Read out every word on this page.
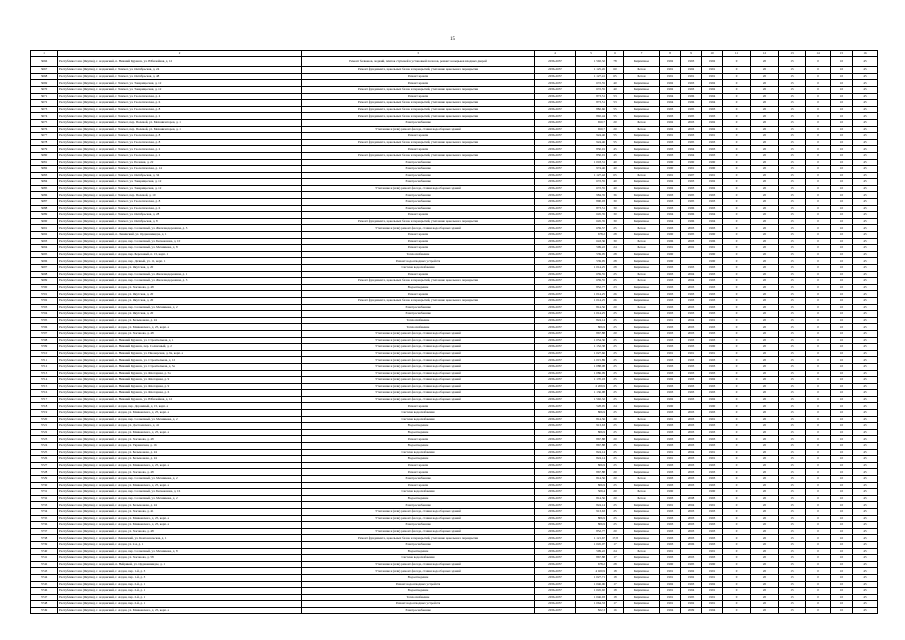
15
1	2	3	4	5	6	7	8	9	10	11	12	13	14	15	16
3666	Республика Саха (Якутия), г. Алданский, п. Нижний Куранах, ул. Юбилейная, д. 12	Ремонт балконов, лоджий, плиток ступеней в установкой паласов, ремонт козырьков входных дверей	2036-2037	1 592,32	78	Кирпичное	1992	1993	1992	0	20	15	0	10	45
3667	Республика Саха (Якутия), г. Алданский, г. Томмот, ул. Октябрьская, д. 24	Ремонт фундамента, цокольных балок и перекрытий, утепление цокольного перекрытия	2036-2037	1 125,45	60	Бетон	1991	1992	1991	0	20	15	0	10	45
3668	Республика Саха (Якутия), г. Алданский, г. Томмот, ул. Октябрьская, д. 48	Ремонт кровли	2036-2037	1 127,41	65	Бетон	1991	1991	1991	0	20	15	0	10	45
3669	Республика Саха (Якутия), г. Алданский, г. Томмот, ул. Товарищеская, д. 12	Ремонт кровли	2036-2037	672,55	40	Кирпичное	1992	1993	1992	0	20	15	0	10	45
3670	Республика Саха (Якутия), г. Алданский, г. Томмот, ул. Товарищеская, д. 12	Ремонт фундамента, цокольных балок и перекрытий, утепление цокольного перекрытия	2036-2037	672,55	40	Кирпичное	1992	1993	1992	0	20	15	0	10	45
3671	Республика Саха (Якутия), г. Алданский, г. Томмот, ул. Геологическая, д. 4	Ремонт кровли	2036-2037	873,51	53	Кирпичное	1994	1996	1994	0	20	15	0	10	45
3672	Республика Саха (Якутия), г. Алданский, г. Томмот, ул. Геологическая, д. 6	Ремонт фундамента, цокольных балок и перекрытий, утепление цокольного перекрытия	2036-2037	873,51	53	Кирпичное	1994	1996	1994	0	20	15	0	10	45
3673	Республика Саха (Якутия), г. Алданский, г. Томмот, ул. Геологическая, д. 8	Ремонт фундамента, цокольных балок и перекрытий, утепление цокольного перекрытия	2036-2037	882,66	55	Кирпичное	1993	1995	1993	0	20	15	0	10	45
3674	Республика Саха (Якутия), г. Алданский, г. Томмот, ул. Геологическая, д. 2	Ремонт фундамента, цокольных балок и перекрытий, утепление цокольного перекрытия	2036-2037	892,44	55	Кирпичное	1993	1995	1993	0	20	15	0	10	45
3675	Республика Саха (Якутия), г. Алданский, г. Томмот, пер. Полевой, ул. Механизаторов, д. 1	Электроснабжение	2036-2037	650,7	20	Бетон	1992	2003	1992	0	20	15	0	10	45
3676	Республика Саха (Якутия), г. Алданский, г. Томмот, пер. Полевой, ул. Механизаторов, д. 1	Утепление и (или) ремонт фасада, ставни водосборных зданий	2036-2037	650,7	20	Бетон	1992	2003	1992	0	20	15	0	10	45
3677	Республика Саха (Якутия), г. Алданский, г. Томмот, ул. Геологическая, д. 8	Ремонт кровли	2036-2037	924,46	55	Кирпичное	1991	1993	1991	0	20	15	0	10	45
3678	Республика Саха (Якутия), г. Алданский, г. Томмот, ул. Геологическая, д. 8	Ремонт фундамента, цокольных балок и перекрытий, утепление цокольного перекрытия	2036-2037	924,46	55	Кирпичное	1993	1995	1993	0	20	15	0	10	45
3679	Республика Саха (Якутия), г. Алданский, г. Томмот, ул. Геологическая, д. 2	Ремонт кровли	2036-2037	850,01	45	Кирпичное	1993	1994	1993	0	20	15	0	10	45
3680	Республика Саха (Якутия), г. Алданский, г. Томмот, ул. Геологическая, д. 2	Ремонт фундамента, цокольных балок и перекрытий, утепление цокольного перекрытия	2036-2037	850,01	45	Кирпичное	1993	1994	1993	0	20	15	0	10	45
3681	Республика Саха (Якутия), г. Алданский, г. Томмот, ул. Полевая, д. 22	Электроснабжение	2036-2037	1 018,31	40	Кирпичное	1990	1990	1990	0	20	15	0	10	45
3682	Республика Саха (Якутия), г. Алданский, г. Томмот, ул. Геологическая, д. 14	Электроснабжение	2036-2037	974,46	40	Кирпичное	1990	1991	1990	0	20	15	0	10	45
3683	Республика Саха (Якутия), г. Алданский, г. Томмот, ул. Октябрьская, д. 34	Электроснабжение	2036-2037	1 127,42	65	Бетон	1991	1997	1991	0	20	15	0	10	45
3684	Республика Саха (Якутия), г. Алданский, г. Томмот, ул. Товарищеская, д. 12	Электроснабжение	2036-2037	672,55	40	Кирпичное	1992	1993	1992	0	20	15	0	10	45
3685	Республика Саха (Якутия), г. Алданский, г. Томмот, ул. Товарищеская, д. 12	Утепление и (или) ремонт фасада, ставни водосборных зданий	2036-2037	672,55	40	Кирпичное	1992	1993	1992	0	20	15	0	10	45
3686	Республика Саха (Якутия), г. Алданский, г. Томмот, пер. Полевой, д. 10	Электроснабжение	2036-2037	984,35	36	Кирпичное	1993	1995	1993	0	20	15	0	10	45
3687	Республика Саха (Якутия), г. Алданский, г. Томмот, ул. Геологическая, д. 8	Электроснабжение	2036-2037	890,03	30	Кирпичное	1993	1995	1993	0	20	15	0	10	45
3688	Республика Саха (Якутия), г. Алданский, г. Томмот, ул. Геологическая, д. 6	Электроснабжение	2036-2037	873,51	30	Кирпичное	1993	1996	1993	0	20	15	0	10	45
3689	Республика Саха (Якутия), г. Алданский, г. Томмот, ул. Октябрьская, д. 28	Ремонт кровли	2036-2037	645,35	30	Кирпичное	1994	1996	1994	0	20	15	0	10	45
3690	Республика Саха (Якутия), г. Алданский, г. Томмот, ул. Октябрьская, д. 8	Ремонт фундамента, цокольных балок и перекрытий, утепление цокольного перекрытия	2036-2037	645,35	30	Кирпичное	1994	1996	1994	0	20	15	0	10	45
3691	Республика Саха (Якутия), г. Алданский, г. Алдан, пер. Солнечный, ул. Железнодорожная, д. 3	Утепление и (или) ремонт фасада, ставни водосборных зданий	2036-2037	659,57	25	Бетон	1993	2003	1993	0	20	15	0	10	45
3692	Республика Саха (Якутия), г. Алданский, п. Ленинский, ул. Орджоникидзе, д. 1	Ремонт кровли	2036-2037	678,2	28	Кирпичное	1990	1995	1990	0	20	15	0	10	45
3693	Республика Саха (Якутия), г. Алданский, г. Алдан, пер. Солнечный, ул. Бельмонова, д. 10	Ремонт кровли	2036-2037	643,36	30	Бетон	1996	2003	1996	0	20	15	0	10	45
3694	Республика Саха (Якутия), г. Алданский, г. Алдан, пер. Солнечный, ул. Мечникова, д. 8	Ремонт кровли	2036-2037	599,22	24	Бетон	1991	2002	1991	0	20	15	0	10	45
3695	Республика Саха (Якутия), г. Алданский, г. Алдан, пер. Березовый, п. 15, корп. 1	Теплоснабжение	2036-2037	539,05	28	Кирпичное	1990		1990	0	20	15	0	10	45
3696	Республика Саха (Якутия), г. Алданский, г. Алдан, пер. Дачный, ул. 11, корп. 1	Ремонт водоотводных устройств	2036-2037	539,95	28	Кирпичное	1990		1990	0	20	15	0	10	45
3697	Республика Саха (Якутия), г. Алданский, г. Алдан, ул. Якутская, д. 20	Система водоснабжения	2036-2037	1 014,25	28	Кирпичное	1993	1993	1993	0	20	15	0	10	45
3698	Республика Саха (Якутия), г. Алданский, г. Алдан, пер. Солнечный, ул. Железнодорожная, д. 1	Ремонт кровли	2036-2037	659,55	25	Бетон	1993	2004	1993	0	20	15	0	10	45
3699	Республика Саха (Якутия), г. Алданский, г. Алдан, пер. Солнечный, ул. Железнодорожная, д. 3	Ремонт фундамента, цокольных балок и перекрытий, утепление цокольного перекрытия	2036-2037	659,55	25	Бетон	1993	2004	1993	0	20	15	0	10	45
3700	Республика Саха (Якутия), г. Алданский, г. Алдан, ул. Хасанова, д. 48	Водоотведение	2036-2037	852,77	23	Кирпичное	1993	2003	1993	0	20	15	0	10	45
3701	Республика Саха (Якутия), г. Алданский, г. Алдан, ул. Якутская, д. 20	Ремонт кровли	2036-2037	1 014,25	26	Кирпичное	1993	1993	1993	0	20	15	0	10	45
3702	Республика Саха (Якутия), г. Алданский, г. Алдан, ул. Якутская, д. 20	Ремонт фундамента, цокольных балок и перекрытий, утепление цокольного перекрытия	2036-2037	1 014,25	26	Кирпичное	1993	1993	1993	0	20	15	0	10	45
3703	Республика Саха (Якутия), г. Алданский, г. Алдан, пер. Солнечный, ул. Мечникова, д. 2	Электроснабжение	2036-2037	814,56	20	Бетон	1993	2003	1993	0	20	15	0	10	45
3704	Республика Саха (Якутия), г. Алданский, г. Алдан, ул. Якутская, д. 20	Электроснабжение	2036-2037	1 014,25	25	Кирпичное	1993	1993	1993	0	20	15	0	10	45
3705	Республика Саха (Якутия), г. Алданский, г. Алдан, ул. Бельмонова, д. 24	Теплоснабжение	2036-2037	824,14	25	Кирпичное	1991	2004	1991	0	20	15	0	10	45
3706	Республика Саха (Якутия), г. Алданский, г. Алдан, ул. Маяковского, д. 25, корп. а	Теплоснабжение	2036-2037	806,9	25	Кирпичное	1993	2003	1993	0	20	15	0	10	45
3707	Республика Саха (Якутия), г. Алданский, г. Алдан, ул. Хасанова, д. 48	Утепление и (или) ремонт фасада, ставни водосборных зданий	2036-2037	867,88	20	Кирпичное	1993	2003	1993	0	20	15	0	10	45
3708	Республика Саха (Якутия), г. Алданский, п. Нижний Куранах, ул. Строительная, д. 1	Утепление и (или) ремонт фасада, ставни водосборных зданий	2036-2037	1 054,36	25	Кирпичное	1993	1993	1993	0	20	15	0	10	45
3709	Республика Саха (Якутия), г. Алданский, п. Нижний Куранах, пер. Солнечный, д. 2	Утепление и (или) ремонт фасада, ставни водосборных зданий	2036-2037	1 152,38	25	Кирпичное	1993	1993	1990	0	20	15	0	10	45
3710	Республика Саха (Якутия), г. Алданский, п. Нижний Куранах, ул. Пионерская, д. 9а, корп. а	Утепление и (или) ремонт фасада, ставни водосборных зданий	2036-2037	1 027,66	25	Кирпичное	1991	1991	1991	0	20	15	0	10	45
3711	Республика Саха (Якутия), г. Алданский, п. Нижний Куранах, ул. Строительная, д. 12	Утепление и (или) ремонт фасада, ставни водосборных зданий	2036-2037	1 015,89	25	Кирпичное	1993	1993	1993	0	20	15	0	10	45
3712	Республика Саха (Якутия), г. Алданский, п. Нижний Куранах, ул. Строительная, д. 5а	Утепление и (или) ремонт фасада, ставни водосборных зданий	2036-2037	1 088,08	25	Кирпичное	1993	1993	1993	0	20	15	0	10	45
3713	Республика Саха (Якутия), г. Алданский, п. Нижний Куранах, ул. Флотарная, д. 5а	Утепление и (или) ремонт фасада, ставни водосборных зданий	2036-2037	1 086,09	25	Кирпичное	1993	1993	1993	0	20	15	0	10	45
3714	Республика Саха (Якутия), г. Алданский, п. Нижний Куранах, ул. Флотарная, д. 9	Утепление и (или) ремонт фасада, ставни водосборных зданий	2036-2037	1 170,18	25	Кирпичное	1992	1993	1992	0	20	15	0	10	45
3715	Республика Саха (Якутия), г. Алданский, п. Нижний Куранах, ул. Флотарная, д. 9	Утепление и (или) ремонт фасада, ставни водосборных зданий	2036-2037	2 209,9	25	Кирпичное	1993	1993	1993	0	20	15	0	10	45
3716	Республика Саха (Якутия), г. Алданский, п. Нижний Куранах, ул. Флотарная, д. 6	Утепление и (или) ремонт фасада, ставни водосборных зданий	2036-2037	1 136,98	25	Кирпичное	1993	1993	1993	0	20	15	0	10	45
3717	Республика Саха (Якутия), г. Алданский, п. Нижний Куранах, ул. Юбилейная, д. 12	Утепление и (или) ремонт фасада, ставни водосборных зданий	2036-2037	1 592,32	25	Кирпичное	1992	1993	1992	0	20	15	0	10	45
3718	Республика Саха (Якутия), г. Алданский, г. Алдан, пер. Дорожный, д. 15, корп. а	Ремонт кровли	2036-2037	528,95	24	Кирпичное	1990		1990	0	20	15	0	10	45
3719	Республика Саха (Якутия), г. Алданский, г. Алдан, ул. Маяковского, д. 25, корп. а	Система водоснабжения	2036-2037	806,9	25	Кирпичное	1993	2003	1993	0	20	15	0	10	45
3720	Республика Саха (Якутия), г. Алданский, г. Алдан, пер. Солнечный, ул. Мечникова, д. 2	Система водоснабжения	2036-2037	814,56	20	Бетон	1991	2003	1991	0	20	15	0	10	45
3721	Республика Саха (Якутия), г. Алданский, г. Алдан, ул. Достоевского, д. 41	Водоотведение	2036-2037	913,63	25	Кирпичное	1993	2003	1993	0	20	15	0	10	45
3722	Республика Саха (Якутия), г. Алданский, г. Алдан, ул. Маяковского, д. 25, корп. а	Водоотведение	2036-2037	806,9	25	Кирпичное	1993	2003	1993	0	20	15	0	10	45
3723	Республика Саха (Якутия), г. Алданский, г. Алдан, ул. Хасанова, д. 48	Ремонт кровли	2036-2037	867,88	20	Кирпичное	1993	2003	1993	0	20	15	0	10	45
3724	Республика Саха (Якутия), г. Алданский, г. Алдан, ул. Украинская, д. 16	Водоотведение	2036-2037	867,88	25	Кирпичное	1993	2003	1993	0	20	15	0	10	45
3725	Республика Саха (Якутия), г. Алданский, г. Алдан, ул. Бельмонова, д. 24	Система водоснабжения	2036-2037	824,14	25	Кирпичное	1991	2004	1991	0	20	15	0	10	45
3726	Республика Саха (Якутия), г. Алданский, г. Алдан, ул. Бельмонова, д. 24	Водоотведение	2036-2037	824,14	25	Кирпичное	1991	2003	1991	0	20	15	0	10	45
3727	Республика Саха (Якутия), г. Алданский, г. Алдан, ул. Маяковского, д. 25, корп. а	Ремонт кровли	2036-2037	806,9	25	Кирпичное	1993	2003	1993	0	20	15	0	10	45
3728	Республика Саха (Якутия), г. Алданский, г. Алдан, ул. Хасанова, д. 48	Ремонт кровли	2036-2037	867,88	20	Кирпичное	1993	2003	1993	0	20	15	0	10	45
3729	Республика Саха (Якутия), г. Алданский, г. Алдан, пер. Солнечный, ул. Мечникова, д. 2	Электроснабжение	2036-2037	814,56	20	Бетон	1993	2003	1993	0	20	15	0	10	45
3730	Республика Саха (Якутия), г. Алданский, г. Алдан, ул. Маяковского, д. 25, корп. а	Ремонт кровли	2036-2037	806,9	25	Кирпичное	1993	2003	1993	0	20	15	0	10	45
3731	Республика Саха (Якутия), г. Алданский, г. Алдан, пер. Солнечный, ул. Бельмонова, д. 16	Система водоснабжения	2036-2037	509,4	20	Бетон	1990		1990	0	20	15	0	10	45
3732	Республика Саха (Якутия), г. Алданский, г. Алдан, пер. Солнечный, ул. Мечникова, д. 2	Водоотведение	2036-2037	814,56	20	Бетон	1993	2008	1993	0	20	15	0	10	45
3733	Республика Саха (Якутия), г. Алданский, г. Алдан, ул. Бельмонова, д. 24	Электроснабжение	2036-2037	824,14	25	Кирпичное	1991	2004	1991	0	20	15	0	10	45
3734	Республика Саха (Якутия), г. Алданский, г. Алдан, ул. Хасанова, д. 41	Утепление и (или) ремонт фасада, ставни водосборных зданий	2036-2037	913,63	25	Кирпичное	1993	2003	1993	0	20	15	0	10	45
3735	Республика Саха (Якутия), г. Алданский, г. Алдан, ул. Маяковского, д. 25, корп. а	Утепление и (или) ремонт фасада, ставни водосборных зданий	2036-2037	806,9	25	Кирпичное	1993	2003	1993	0	20	15	0	10	45
3736	Республика Саха (Якутия), г. Алданский, г. Алдан, ул. Маяковского, д. 25, корп. а	Электроснабжение	2036-2037	806,9	25	Кирпичное	1993	2003	1993	0	20	15	0	10	45
3737	Республика Саха (Якутия), г. Алданский, г. Алдан, ул. Хасанова, д. 48	Утепление и (или) ремонт фасада, ставни водосборных зданий	2036-2037	852,77	20	Кирпичное	1993	2003	1993	0	20	15	0	10	45
3738	Республика Саха (Якутия), г. Алданский, г. Ленинский, ул. Комсомольская, д. 1	Ремонт фундамента, цокольных балок и перекрытий, утепление цокольного перекрытия	2036-2037	1 121,67	17,8	Кирпичное	1993	2003	1993	0	20	15	0	10	45
3739	Республика Саха (Якутия), г. Алданский, г. Алдан, ул. 2-я, д. 1	Электроснабжение	2036-2037	1 045,07	17	Кирпичное	1993	2006	1993	0	20	15	0	10	45
3740	Республика Саха (Якутия), г. Алданский, г. Алдан, пер. Солнечный, ул. Мечникова, д. 8	Водоотведение	2036-2037	599,22	24	Бетон	1991		1991	0	20	15	0	10	45
3741	Республика Саха (Якутия), г. Алданский, г. Алдан, ул. Хасанова, д. 58	Система водоснабжения	2036-2037	867,88	17	Кирпичное	1993	2003	1993	0	20	15	0	10	45
3742	Республика Саха (Якутия), г. Алданский, п. Нейрикой, ул. Орджоникидзе, д. 1	Утепление и (или) ремонт фасада, ставни водосборных зданий	2036-2037	678,2	28	Кирпичное	1990	1995	1990	0	20	15	0	10	45
3743	Республика Саха (Якутия), г. Алданский, г. Алдан, пер. 1-й, д. 3	Утепление и (или) ремонт фасада, ставни водосборных зданий	2036-2037	4 020,9	18	Кирпичное	1991	1992	1991	0	20	15	0	10	45
3744	Республика Саха (Якутия), г. Алданский, г. Алдан, пер. 1-й, д. 3	Водоотведение	2036-2037	1 027,71	18	Кирпичное	1991	1992	1991	0	20	15	0	10	45
3745	Республика Саха (Якутия), г. Алданский, г. Алдан, пер. 2-й, д. 1	Ремонт водоотводных устройств	2036-2037	1 046,06	17	Кирпичное	1992	1993	1992	0	20	15	0	10	45
3746	Республика Саха (Якутия), г. Алданский, г. Алдан, пер. 2-й, д. 1	Водоотведение	2036-2037	1 045,92	18	Кирпичное	1991	1994	1991	0	20	15	0	10	45
3747	Республика Саха (Якутия), г. Алданский, г. Алдан, пер. 2-й, д. 1	Теплоснабжение	2036-2037	1 046,93	18	Кирпичное	1991	1995	1991	0	20	15	0	10	45
3748	Республика Саха (Якутия), г. Алданский, г. Алдан, пер. 2-й, д. 1	Ремонт водоотводных устройств	2036-2037	1 064,33	17	Кирпичное	1991	1992	1991	0	20	15	0	10	45
3749	Республика Саха (Якутия), г. Алданский, г. Алдан, ул. Маяковского, д. 25, корп. а	Электроснабжение	2036-2037	822,3	16	Кирпичное	1994	2009	1994	0	20	15	0	10	45
